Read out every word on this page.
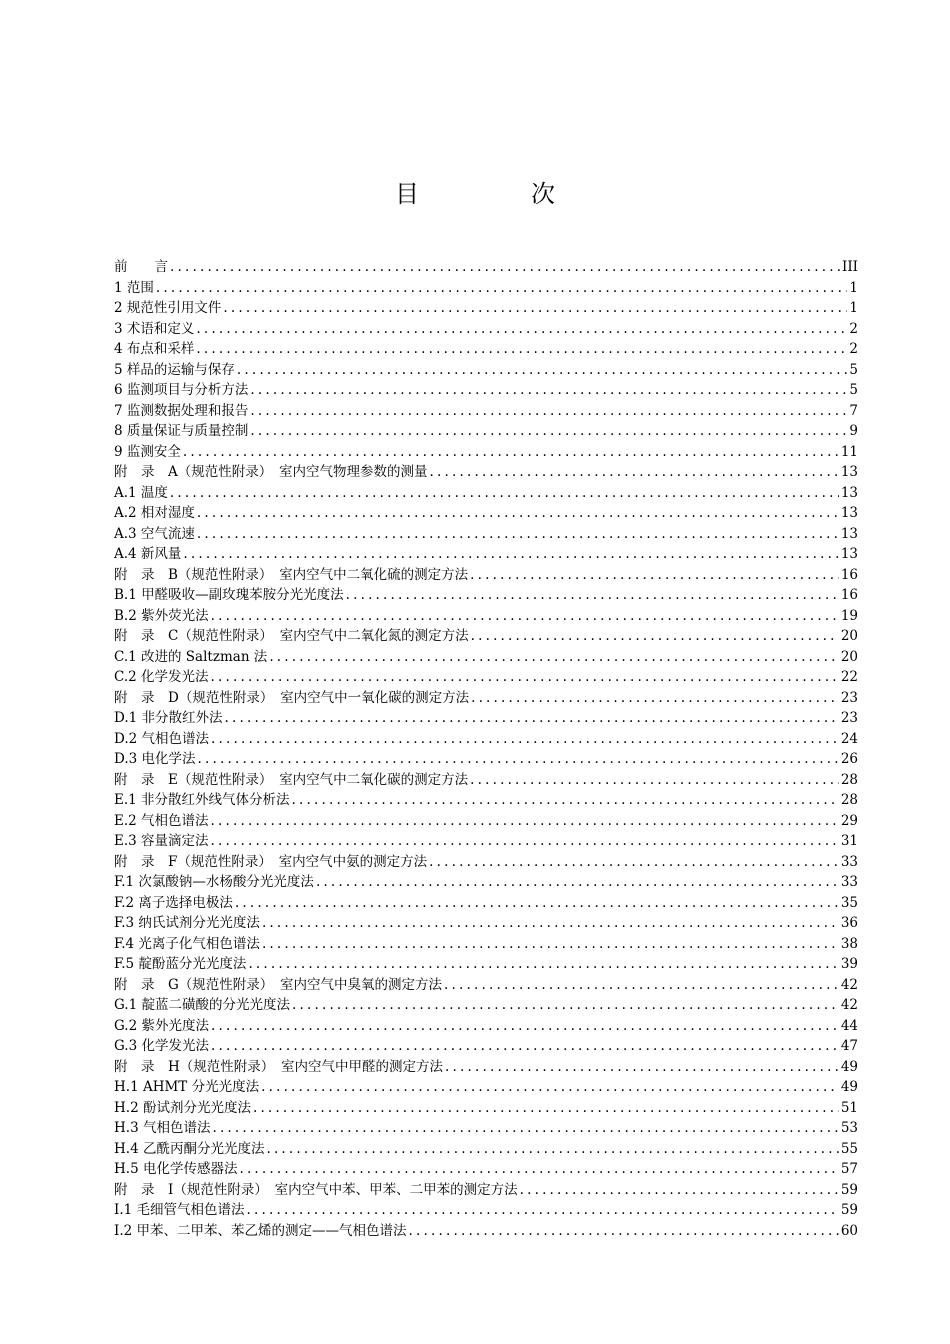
目　次
前　　言 .....	III
1 范围 .....	1
2 规范性引用文件 .....	1
3 术语和定义 .....	2
4 布点和采样 .....	2
5 样品的运输与保存 .....	5
6 监测项目与分析方法 .....	5
7 监测数据处理和报告 .....	7
8 质量保证与质量控制 .....	9
9 监测安全 .....	11
附　录　A（规范性附录）　室内空气物理参数的测量 .....	13
A.1 温度 .....	13
A.2 相对湿度 .....	13
A.3 空气流速 .....	13
A.4 新风量 .....	13
附　录　B（规范性附录）　室内空气中二氧化硫的测定方法 .....	16
B.1 甲醛吸收—副玫瑰苯胺分光光度法 .....	16
B.2 紫外荧光法 .....	19
附　录　C（规范性附录）　室内空气中二氧化氮的测定方法 .....	20
C.1 改进的 Saltzman 法 .....	20
C.2 化学发光法 .....	22
附　录　D（规范性附录）　室内空气中一氧化碳的测定方法 .....	23
D.1 非分散红外法 .....	23
D.2 气相色谱法 .....	24
D.3 电化学法 .....	26
附　录　E（规范性附录）　室内空气中二氧化碳的测定方法 .....	28
E.1 非分散红外线气体分析法 .....	28
E.2 气相色谱法 .....	29
E.3 容量滴定法 .....	31
附　录　F（规范性附录）　室内空气中氨的测定方法 .....	33
F.1 次氯酸钠—水杨酸分光光度法 .....	33
F.2 离子选择电极法 .....	35
F.3 纳氏试剂分光光度法 .....	36
F.4 光离子化气相色谱法 .....	38
F.5 靛酚蓝分光光度法 .....	39
附　录　G（规范性附录）　室内空气中臭氧的测定方法 .....	42
G.1 靛蓝二磺酸的分光光度法 .....	42
G.2 紫外光度法 .....	44
G.3 化学发光法 .....	47
附　录　H（规范性附录）　室内空气中甲醛的测定方法 .....	49
H.1 AHMT 分光光度法 .....	49
H.2 酚试剂分光光度法 .....	51
H.3 气相色谱法 .....	53
H.4 乙酰丙酮分光光度法 .....	55
H.5 电化学传感器法 .....	57
附　录　I（规范性附录）　室内空气中苯、甲苯、二甲苯的测定方法 .....	59
I.1 毛细管气相色谱法 .....	59
I.2 甲苯、二甲苯、苯乙烯的测定——气相色谱法 .....	60
